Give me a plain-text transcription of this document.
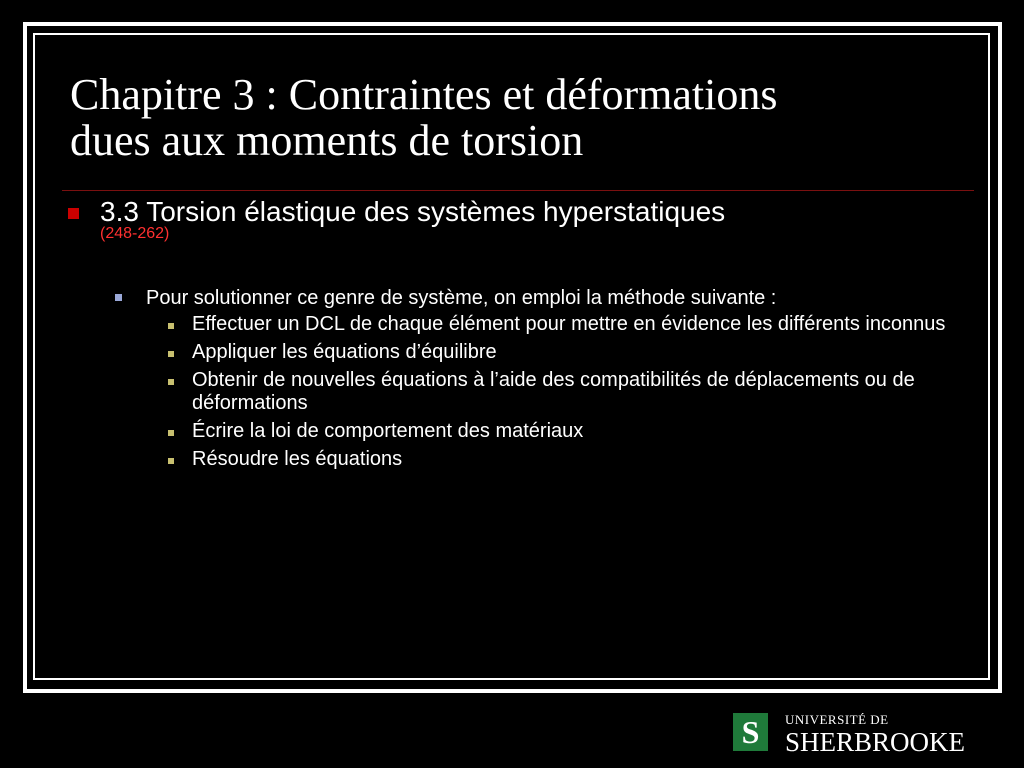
Chapitre 3 : Contraintes et déformations
dues aux moments de torsion
3.3 Torsion élastique des systèmes hyperstatiques
(248-262)
Pour solutionner ce genre de système, on emploi la méthode suivante :
Effectuer un DCL de chaque élément pour mettre en évidence les différents inconnus
Appliquer les équations d’équilibre
Obtenir de nouvelles équations à l’aide des compatibilités de déplacements ou de déformations
Écrire la loi de comportement des matériaux
Résoudre les équations
S	UNIVERSITÉ DE
SHERBROOKE
